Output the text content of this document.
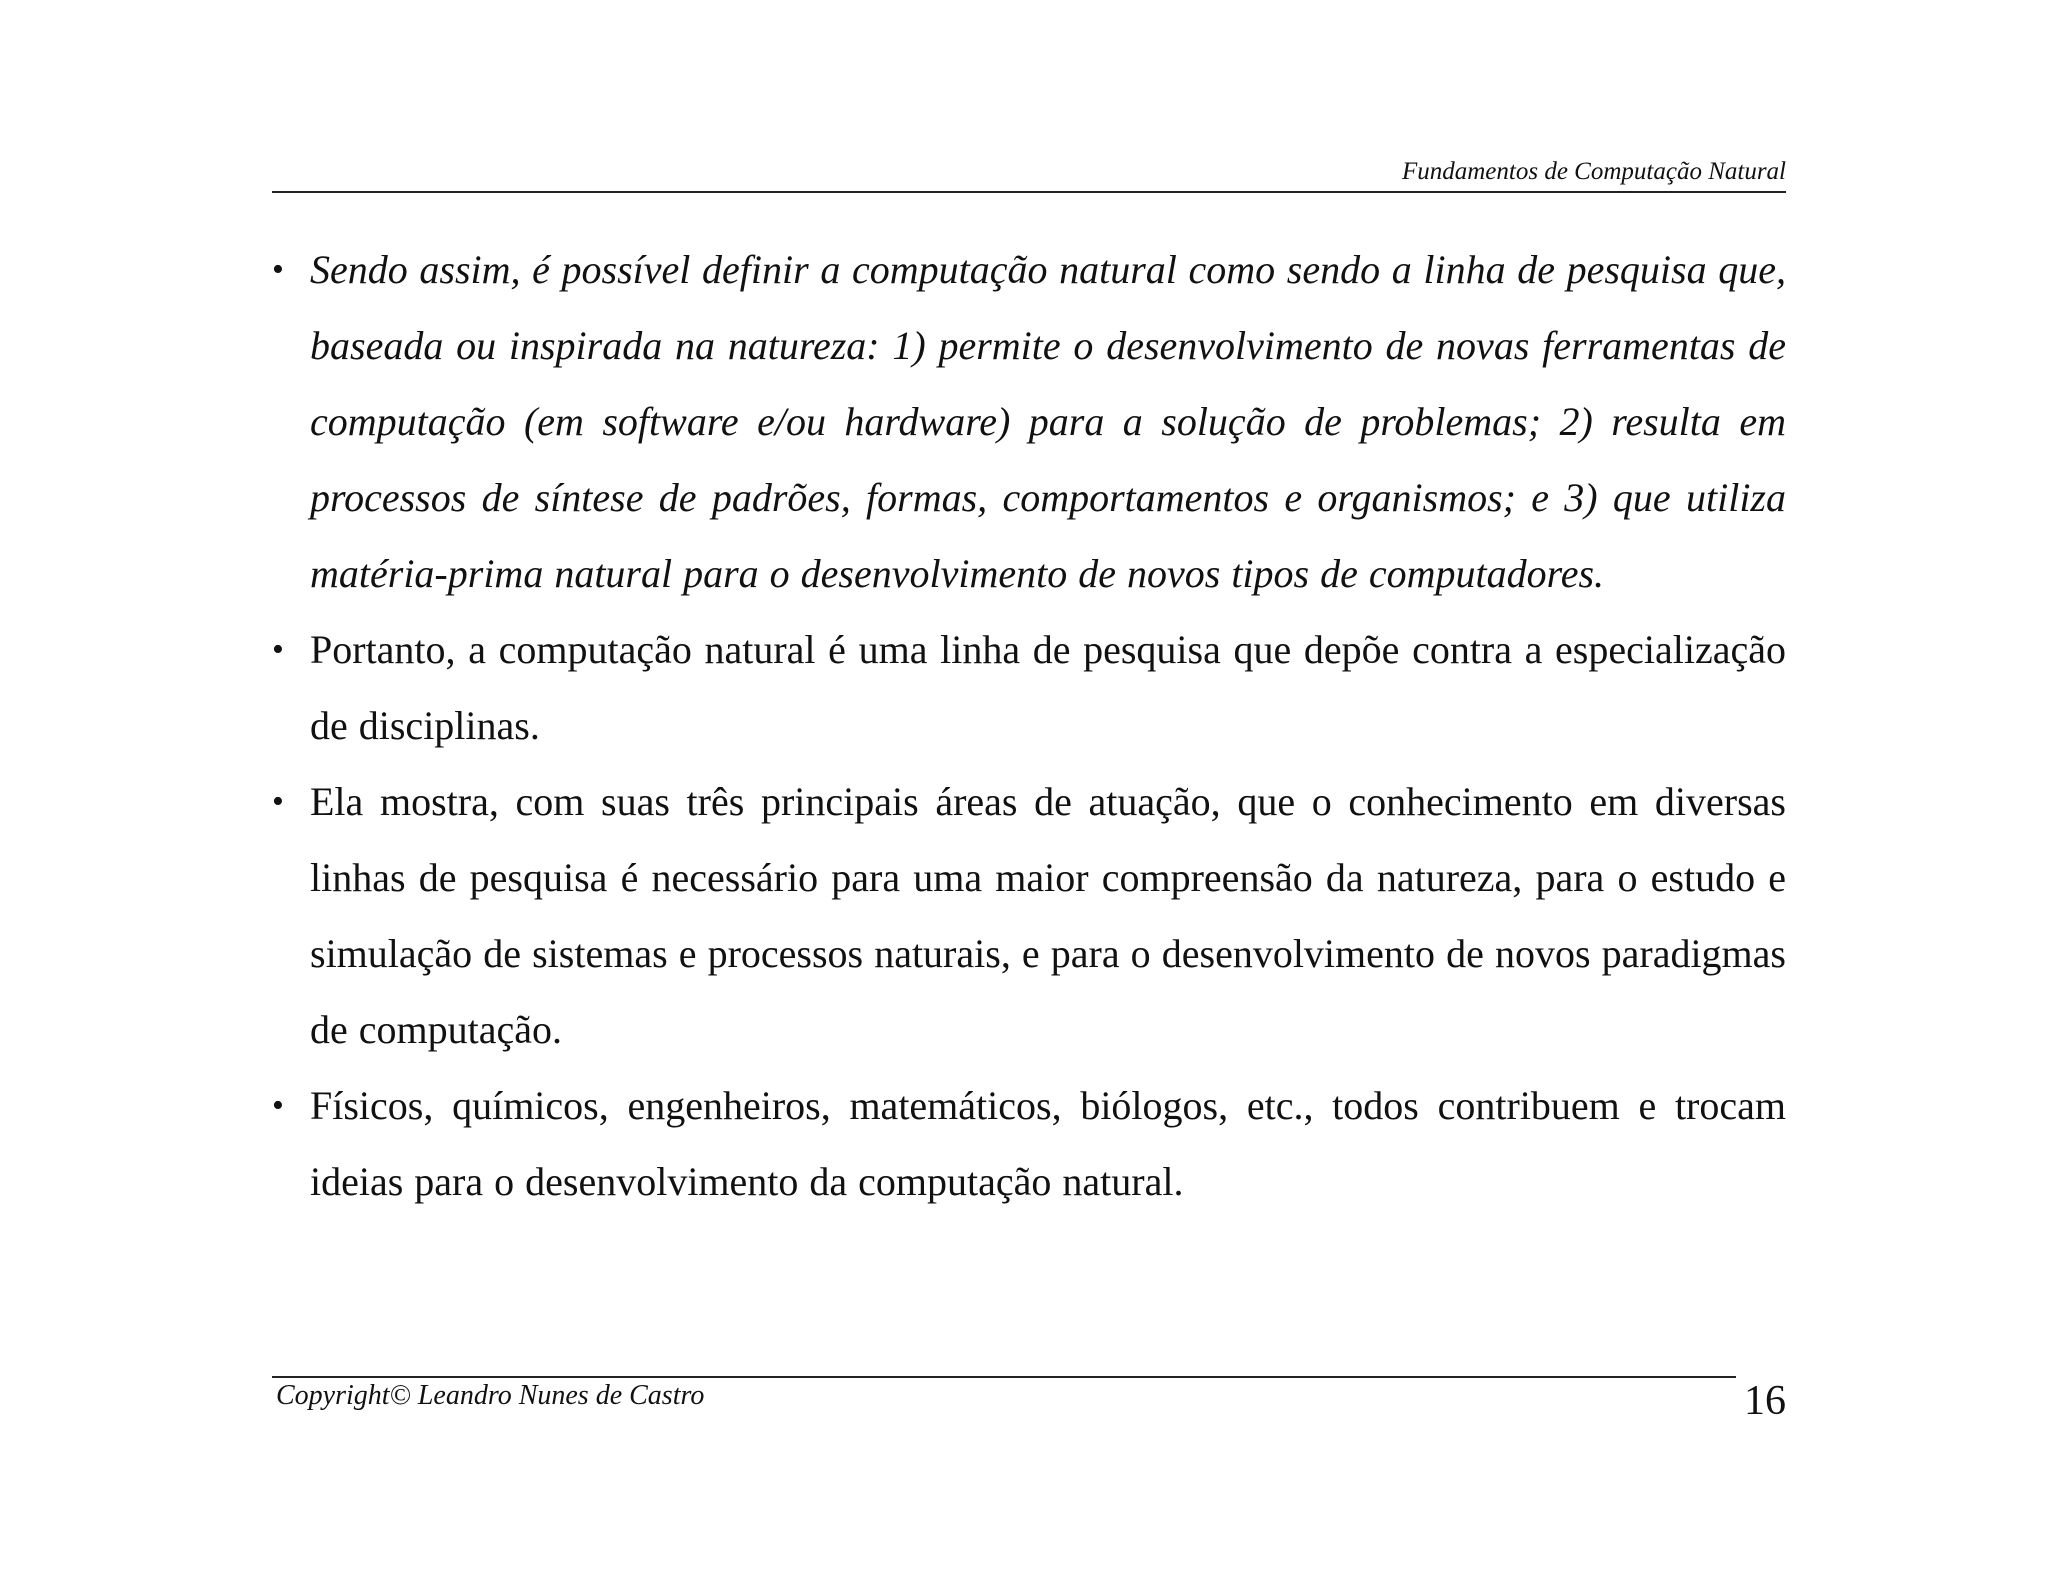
Fundamentos de Computação Natural
• Sendo assim, é possível definir a computação natural como sendo a linha de pesquisa que, baseada ou inspirada na natureza: 1) permite o desenvolvimento de novas ferramentas de computação (em software e/ou hardware) para a solução de problemas; 2) resulta em processos de síntese de padrões, formas, comportamentos e organismos; e 3) que utiliza matéria-prima natural para o desenvolvimento de novos tipos de computadores.
• Portanto, a computação natural é uma linha de pesquisa que depõe contra a especialização de disciplinas.
• Ela mostra, com suas três principais áreas de atuação, que o conhecimento em diversas linhas de pesquisa é necessário para uma maior compreensão da natureza, para o estudo e simulação de sistemas e processos naturais, e para o desenvolvimento de novos paradigmas de computação.
• Físicos, químicos, engenheiros, matemáticos, biólogos, etc., todos contribuem e trocam ideias para o desenvolvimento da computação natural.
Copyright© Leandro Nunes de Castro	16
